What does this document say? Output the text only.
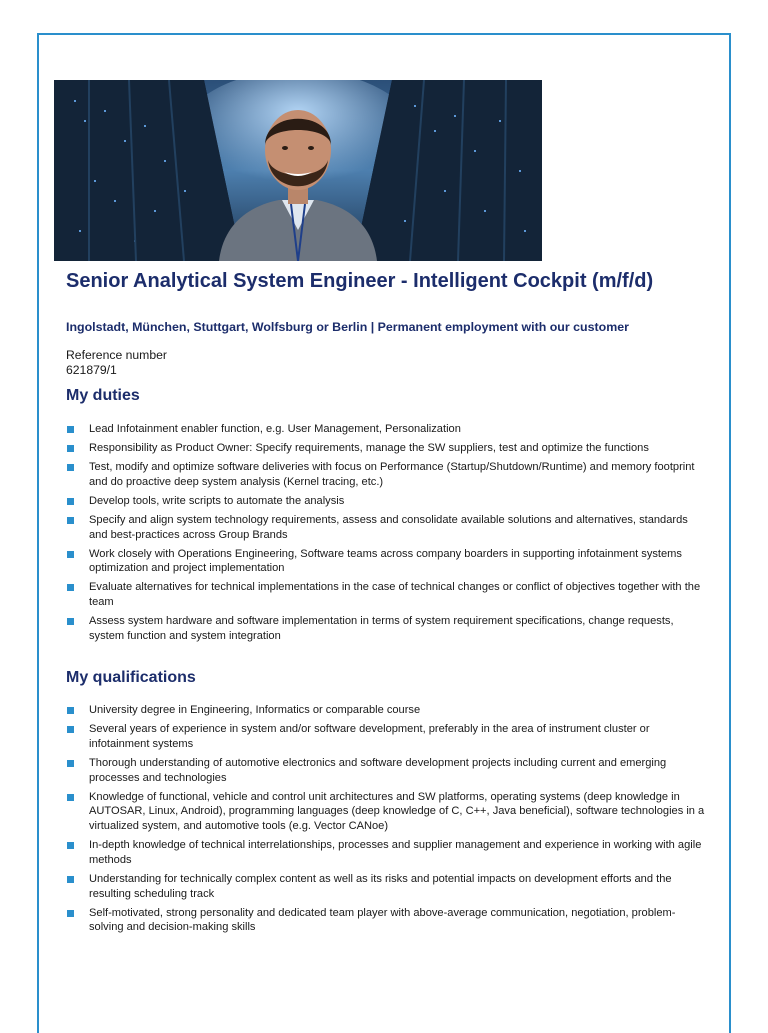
Senior Analytical System Engineer - Intelligent Cockpit (m/f/d)

Ingolstadt, München, Stuttgart, Wolfsburg or Berlin | Permanent employment with our customer

Reference number
621879/1
My duties
Lead Infotainment enabler function, e.g. User Management, Personalization
Responsibility as Product Owner: Specify requirements, manage the SW suppliers, test and optimize the functions
Test, modify and optimize software deliveries with focus on Performance (Startup/Shutdown/Runtime) and memory footprint and do proactive deep system analysis (Kernel tracing, etc.)
Develop tools, write scripts to automate the analysis
Specify and align system technology requirements, assess and consolidate available solutions and alternatives, standards and best-practices across Group Brands
Work closely with Operations Engineering, Software teams across company boarders in supporting infotainment systems optimization and project implementation
Evaluate alternatives for technical implementations in the case of technical changes or conflict of objectives together with the team
Assess system hardware and software implementation in terms of system requirement specifications, change requests, system function and system integration
My qualifications
University degree in Engineering, Informatics or comparable course
Several years of experience in system and/or software development, preferably in the area of instrument cluster or infotainment systems
Thorough understanding of automotive electronics and software development projects including current and emerging processes and technologies
Knowledge of functional, vehicle and control unit architectures and SW platforms, operating systems (deep knowledge in AUTOSAR, Linux, Android), programming languages (deep knowledge of C, C++, Java beneficial), software technologies in a virtualized system, and automotive tools (e.g. Vector CANoe)
In-depth knowledge of technical interrelationships, processes and supplier management and experience in working with agile methods
Understanding for technically complex content as well as its risks and potential impacts on development efforts and the resulting scheduling track
Self-motivated, strong personality and dedicated team player with above-average communication, negotiation, problem-solving and decision-making skills
